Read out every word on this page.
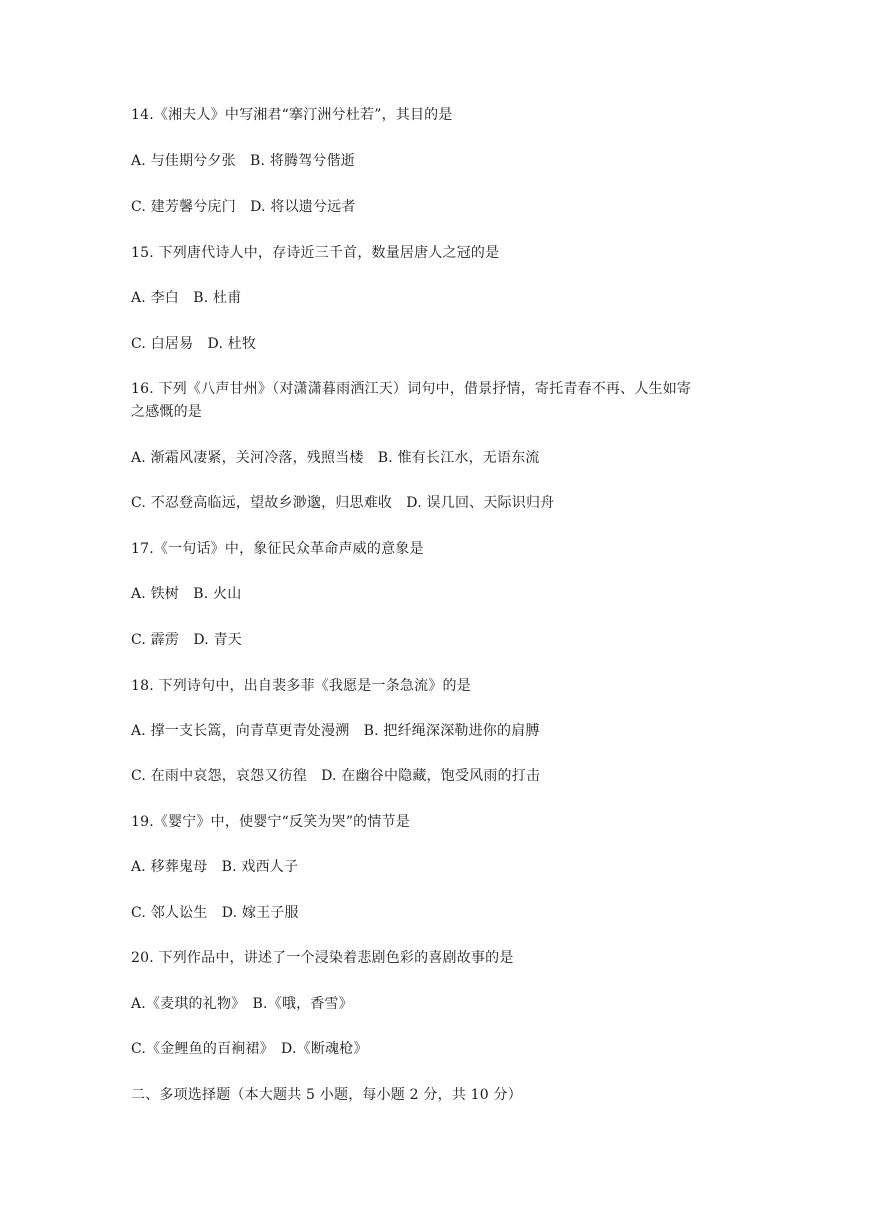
14.《湘夫人》中写湘君“搴汀洲兮杜若”，其目的是
A. 与佳期兮夕张　B. 将腾驾兮偕逝
C. 建芳馨兮庑门　D. 将以遗兮远者
15. 下列唐代诗人中，存诗近三千首，数量居唐人之冠的是
A. 李白　B. 杜甫
C. 白居易　D. 杜牧
16. 下列《八声甘州》（对潇潇暮雨洒江天）词句中，借景抒情，寄托青春不再、人生如寄
之感慨的是
A. 渐霜风凄紧，关河冷落，残照当楼　B. 惟有长江水，无语东流
C. 不忍登高临远，望故乡渺邈，归思难收　D. 误几回、天际识归舟
17.《一句话》中，象征民众革命声威的意象是
A. 铁树　B. 火山
C. 霹雳　D. 青天
18. 下列诗句中，出自裴多菲《我愿是一条急流》的是
A. 撑一支长篙，向青草更青处漫溯　B. 把纤绳深深勒进你的肩膊
C. 在雨中哀怨，哀怨又彷徨　D. 在幽谷中隐藏，饱受风雨的打击
19.《婴宁》中，使婴宁“反笑为哭”的情节是
A. 移葬鬼母　B. 戏西人子
C. 邻人讼生　D. 嫁王子服
20. 下列作品中，讲述了一个浸染着悲剧色彩的喜剧故事的是
A.《麦琪的礼物》　B.《哦，香雪》
C.《金鲤鱼的百裥裙》　D.《断魂枪》
二、多项选择题（本大题共 5 小题，每小题 2 分，共 10 分）
